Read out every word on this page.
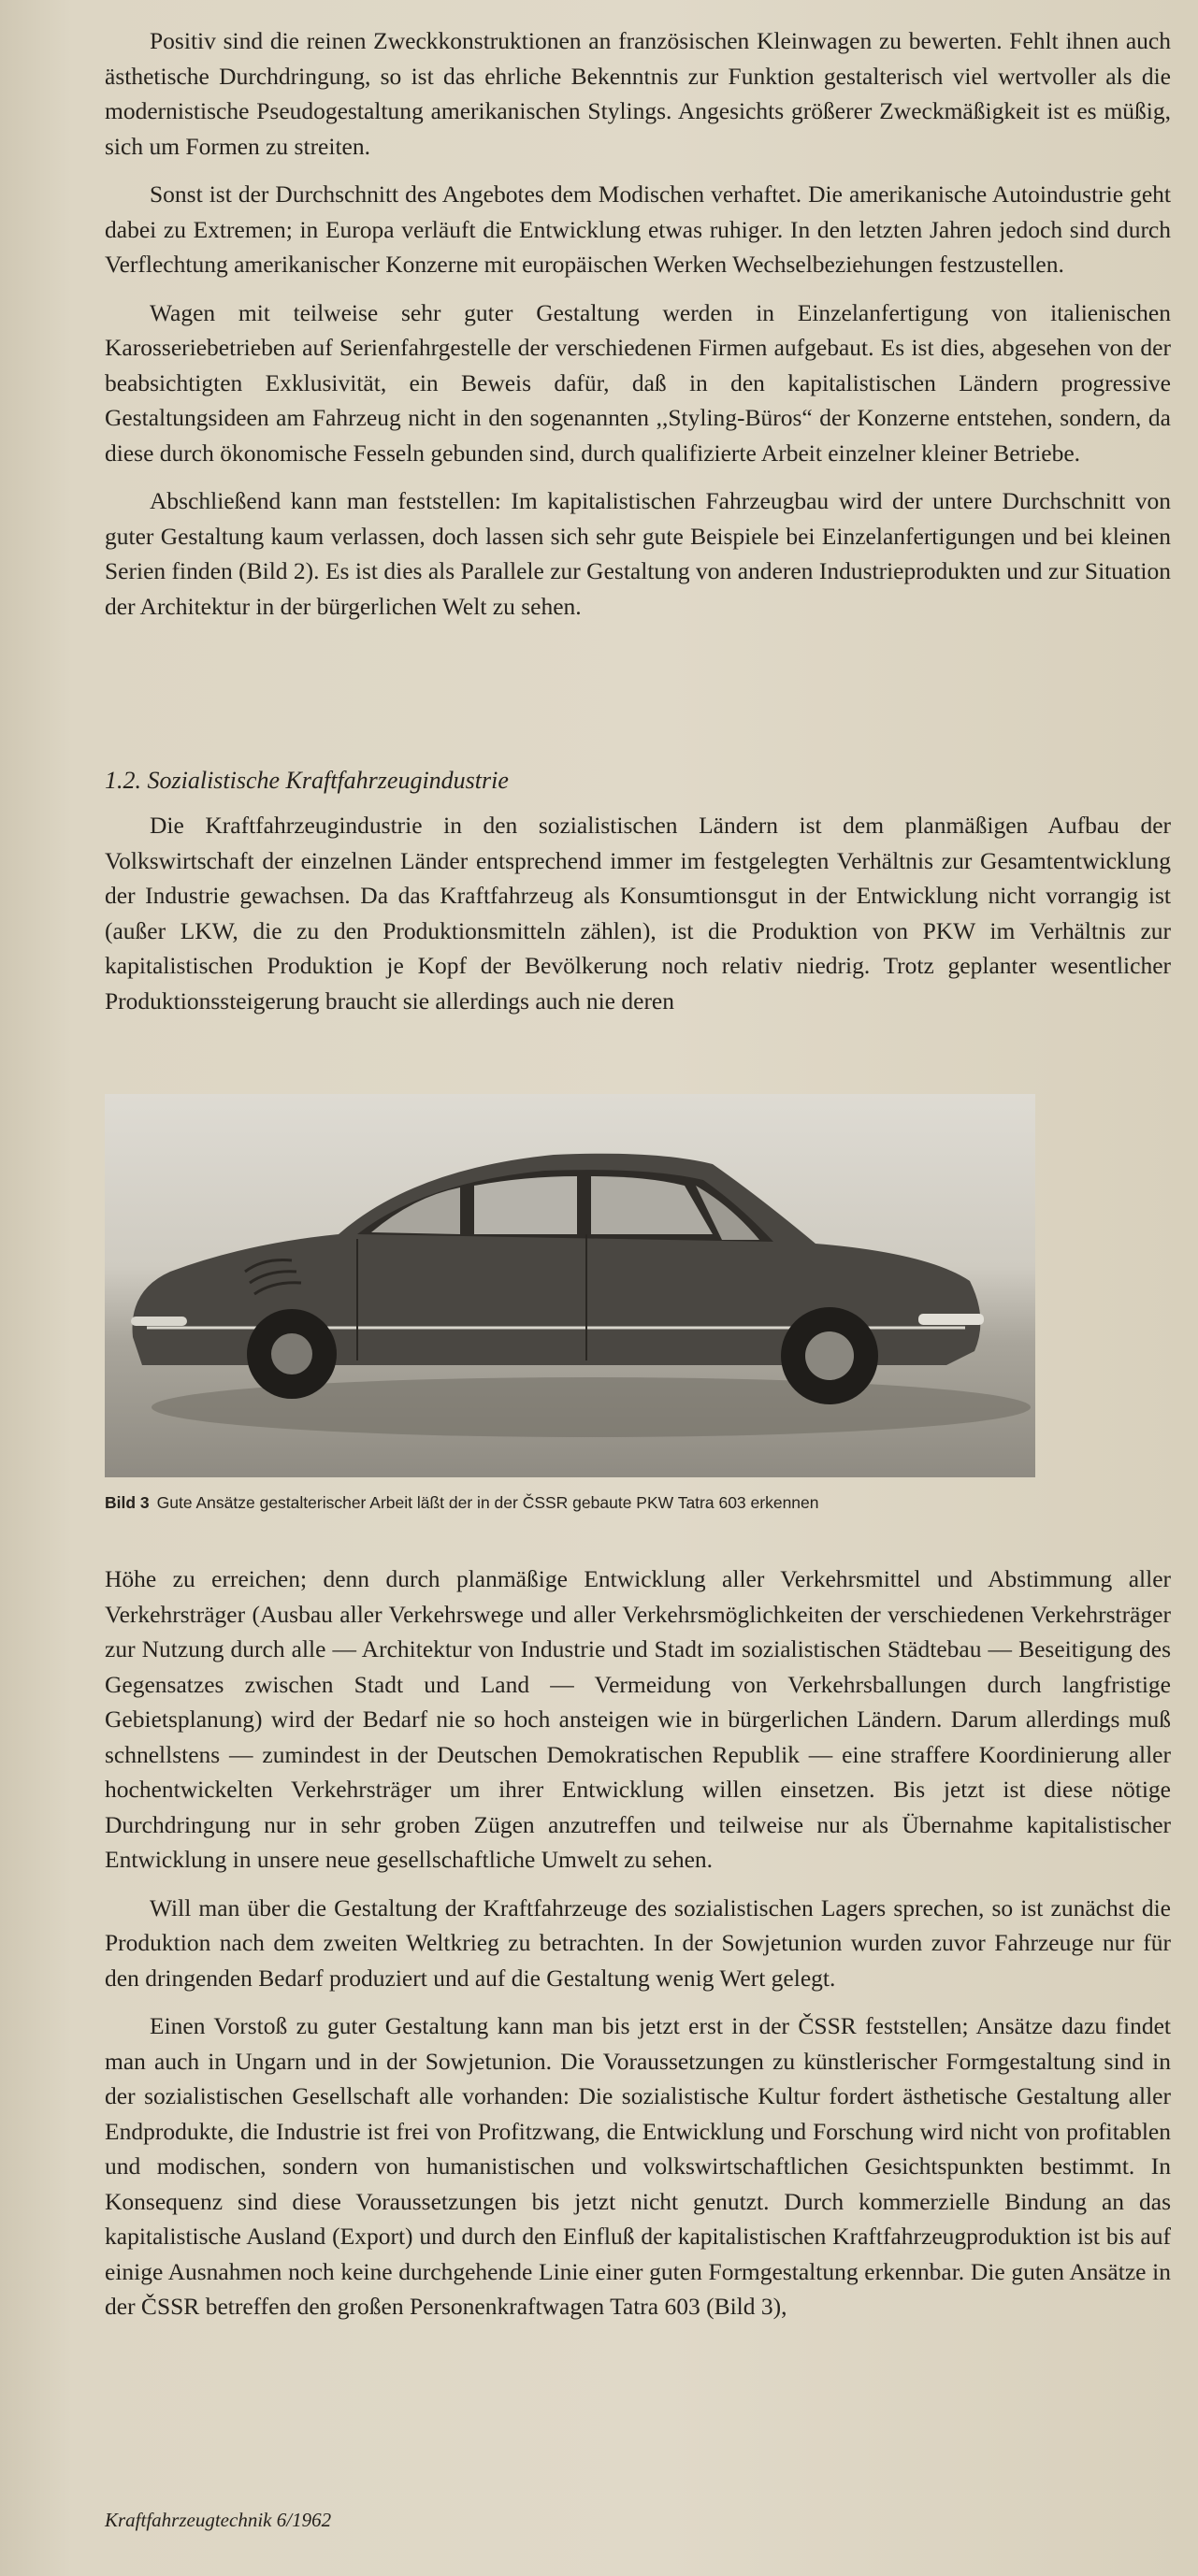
Positiv sind die reinen Zweckkonstruktionen an französischen Kleinwagen zu bewerten. Fehlt ihnen auch ästhetische Durchdringung, so ist das ehrliche Bekenntnis zur Funktion gestalterisch viel wertvoller als die modernistische Pseudogestaltung amerikanischen Stylings. Angesichts größerer Zweckmäßigkeit ist es müßig, sich um Formen zu streiten.

Sonst ist der Durchschnitt des Angebotes dem Modischen verhaftet. Die amerikanische Autoindustrie geht dabei zu Extremen; in Europa verläuft die Entwicklung etwas ruhiger. In den letzten Jahren jedoch sind durch Verflechtung amerikanischer Konzerne mit europäischen Werken Wechselbeziehungen festzustellen.

Wagen mit teilweise sehr guter Gestaltung werden in Einzelanfertigung von italienischen Karosseriebetrieben auf Serienfahrgestelle der verschiedenen Firmen aufgebaut. Es ist dies, abgesehen von der beabsichtigten Exklusivität, ein Beweis dafür, daß in den kapitalistischen Ländern progressive Gestaltungsideen am Fahrzeug nicht in den sogenannten ,,Styling-Büros“ der Konzerne entstehen, sondern, da diese durch ökonomische Fesseln gebunden sind, durch qualifizierte Arbeit einzelner kleiner Betriebe.

Abschließend kann man feststellen: Im kapitalistischen Fahrzeugbau wird der untere Durchschnitt von guter Gestaltung kaum verlassen, doch lassen sich sehr gute Beispiele bei Einzelanfertigungen und bei kleinen Serien finden (Bild 2). Es ist dies als Parallele zur Gestaltung von anderen Industrieprodukten und zur Situation der Architektur in der bürgerlichen Welt zu sehen.

1.2. Sozialistische Kraftfahrzeugindustrie

Die Kraftfahrzeugindustrie in den sozialistischen Ländern ist dem planmäßigen Aufbau der Volkswirtschaft der einzelnen Länder entsprechend immer im festgelegten Verhältnis zur Gesamtentwicklung der Industrie gewachsen. Da das Kraftfahrzeug als Konsumtionsgut in der Entwicklung nicht vorrangig ist (außer LKW, die zu den Produktionsmitteln zählen), ist die Produktion von PKW im Verhältnis zur kapitalistischen Produktion je Kopf der Bevölkerung noch relativ niedrig. Trotz geplanter wesentlicher Produktionssteigerung braucht sie allerdings auch nie deren

Bild 3 Gute Ansätze gestalterischer Arbeit läßt der in der ČSSR gebaute PKW Tatra 603 erkennen

Höhe zu erreichen; denn durch planmäßige Entwicklung aller Verkehrsmittel und Abstimmung aller Verkehrsträger (Ausbau aller Verkehrswege und aller Verkehrsmöglichkeiten der verschiedenen Verkehrsträger zur Nutzung durch alle — Architektur von Industrie und Stadt im sozialistischen Städtebau — Beseitigung des Gegensatzes zwischen Stadt und Land — Vermeidung von Verkehrsballungen durch langfristige Gebietsplanung) wird der Bedarf nie so hoch ansteigen wie in bürgerlichen Ländern. Darum allerdings muß schnellstens — zumindest in der Deutschen Demokratischen Republik — eine straffere Koordinierung aller hochentwickelten Verkehrsträger um ihrer Entwicklung willen einsetzen. Bis jetzt ist diese nötige Durchdringung nur in sehr groben Zügen anzutreffen und teilweise nur als Übernahme kapitalistischer Entwicklung in unsere neue gesellschaftliche Umwelt zu sehen.

Will man über die Gestaltung der Kraftfahrzeuge des sozialistischen Lagers sprechen, so ist zunächst die Produktion nach dem zweiten Weltkrieg zu betrachten. In der Sowjetunion wurden zuvor Fahrzeuge nur für den dringenden Bedarf produziert und auf die Gestaltung wenig Wert gelegt.

Einen Vorstoß zu guter Gestaltung kann man bis jetzt erst in der ČSSR feststellen; Ansätze dazu findet man auch in Ungarn und in der Sowjetunion. Die Voraussetzungen zu künstlerischer Formgestaltung sind in der sozialistischen Gesellschaft alle vorhanden: Die sozialistische Kultur fordert ästhetische Gestaltung aller Endprodukte, die Industrie ist frei von Profitzwang, die Entwicklung und Forschung wird nicht von profitablen und modischen, sondern von humanistischen und volkswirtschaftlichen Gesichtspunkten bestimmt. In Konsequenz sind diese Voraussetzungen bis jetzt nicht genutzt. Durch kommerzielle Bindung an das kapitalistische Ausland (Export) und durch den Einfluß der kapitalistischen Kraftfahrzeugproduktion ist bis auf einige Ausnahmen noch keine durchgehende Linie einer guten Formgestaltung erkennbar. Die guten Ansätze in der ČSSR betreffen den großen Personenkraftwagen Tatra 603 (Bild 3),

Kraftfahrzeugtechnik 6/1962
